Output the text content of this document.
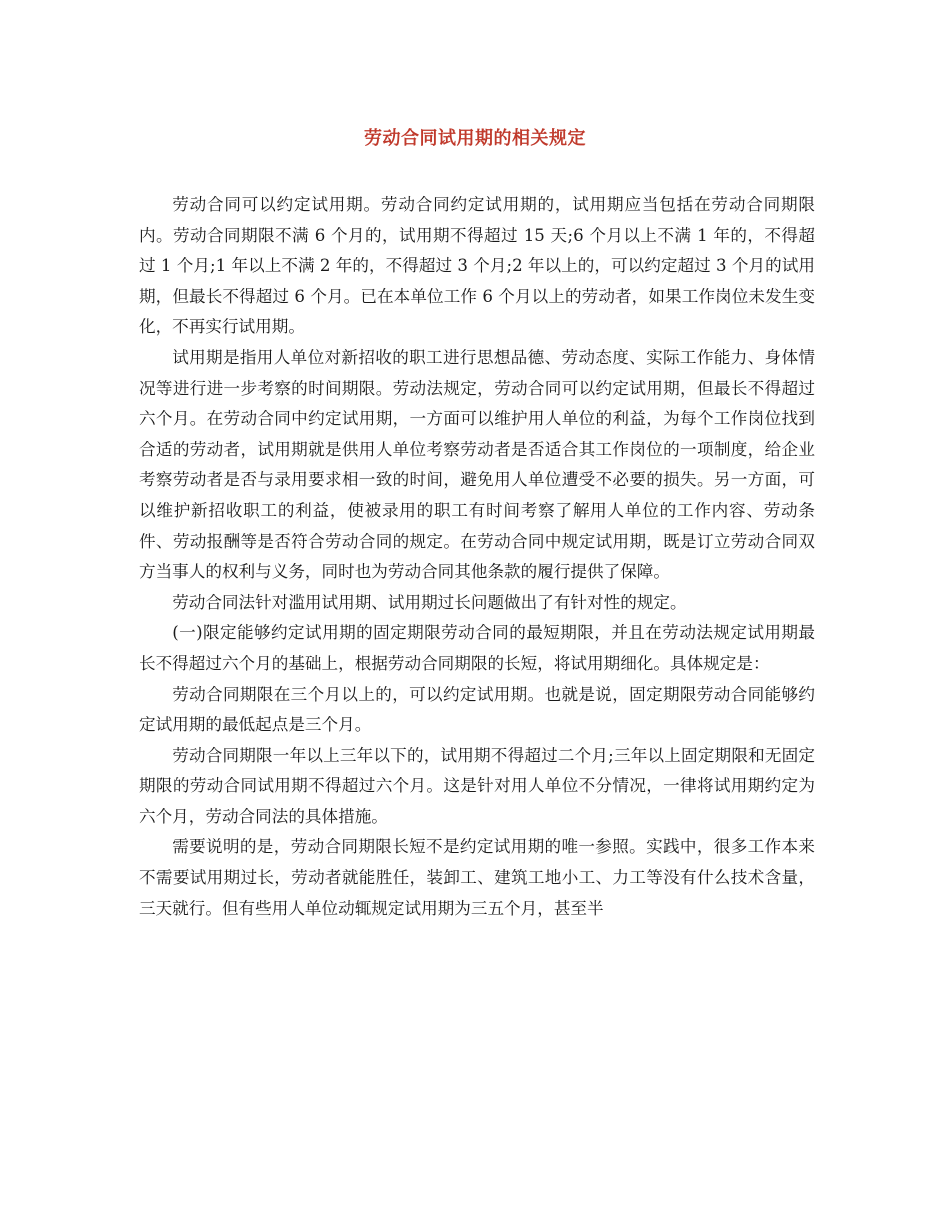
劳动合同试用期的相关规定

劳动合同可以约定试用期。劳动合同约定试用期的，试用期应当包括在劳动合同期限内。劳动合同期限不满 6 个月的，试用期不得超过 15 天;6 个月以上不满 1 年的，不得超过 1 个月;1 年以上不满 2 年的，不得超过 3 个月;2 年以上的，可以约定超过 3 个月的试用期，但最长不得超过 6 个月。已在本单位工作 6 个月以上的劳动者，如果工作岗位未发生变化，不再实行试用期。

试用期是指用人单位对新招收的职工进行思想品德、劳动态度、实际工作能力、身体情况等进行进一步考察的时间期限。劳动法规定，劳动合同可以约定试用期，但最长不得超过六个月。在劳动合同中约定试用期，一方面可以维护用人单位的利益，为每个工作岗位找到合适的劳动者，试用期就是供用人单位考察劳动者是否适合其工作岗位的一项制度，给企业考察劳动者是否与录用要求相一致的时间，避免用人单位遭受不必要的损失。另一方面，可以维护新招收职工的利益，使被录用的职工有时间考察了解用人单位的工作内容、劳动条件、劳动报酬等是否符合劳动合同的规定。在劳动合同中规定试用期，既是订立劳动合同双方当事人的权利与义务，同时也为劳动合同其他条款的履行提供了保障。

劳动合同法针对滥用试用期、试用期过长问题做出了有针对性的规定。

(一)限定能够约定试用期的固定期限劳动合同的最短期限，并且在劳动法规定试用期最长不得超过六个月的基础上，根据劳动合同期限的长短，将试用期细化。具体规定是：

劳动合同期限在三个月以上的，可以约定试用期。也就是说，固定期限劳动合同能够约定试用期的最低起点是三个月。

劳动合同期限一年以上三年以下的，试用期不得超过二个月;三年以上固定期限和无固定期限的劳动合同试用期不得超过六个月。这是针对用人单位不分情况，一律将试用期约定为六个月，劳动合同法的具体措施。

需要说明的是，劳动合同期限长短不是约定试用期的唯一参照。实践中，很多工作本来不需要试用期过长，劳动者就能胜任，装卸工、建筑工地小工、力工等没有什么技术含量，三天就行。但有些用人单位动辄规定试用期为三五个月，甚至半
